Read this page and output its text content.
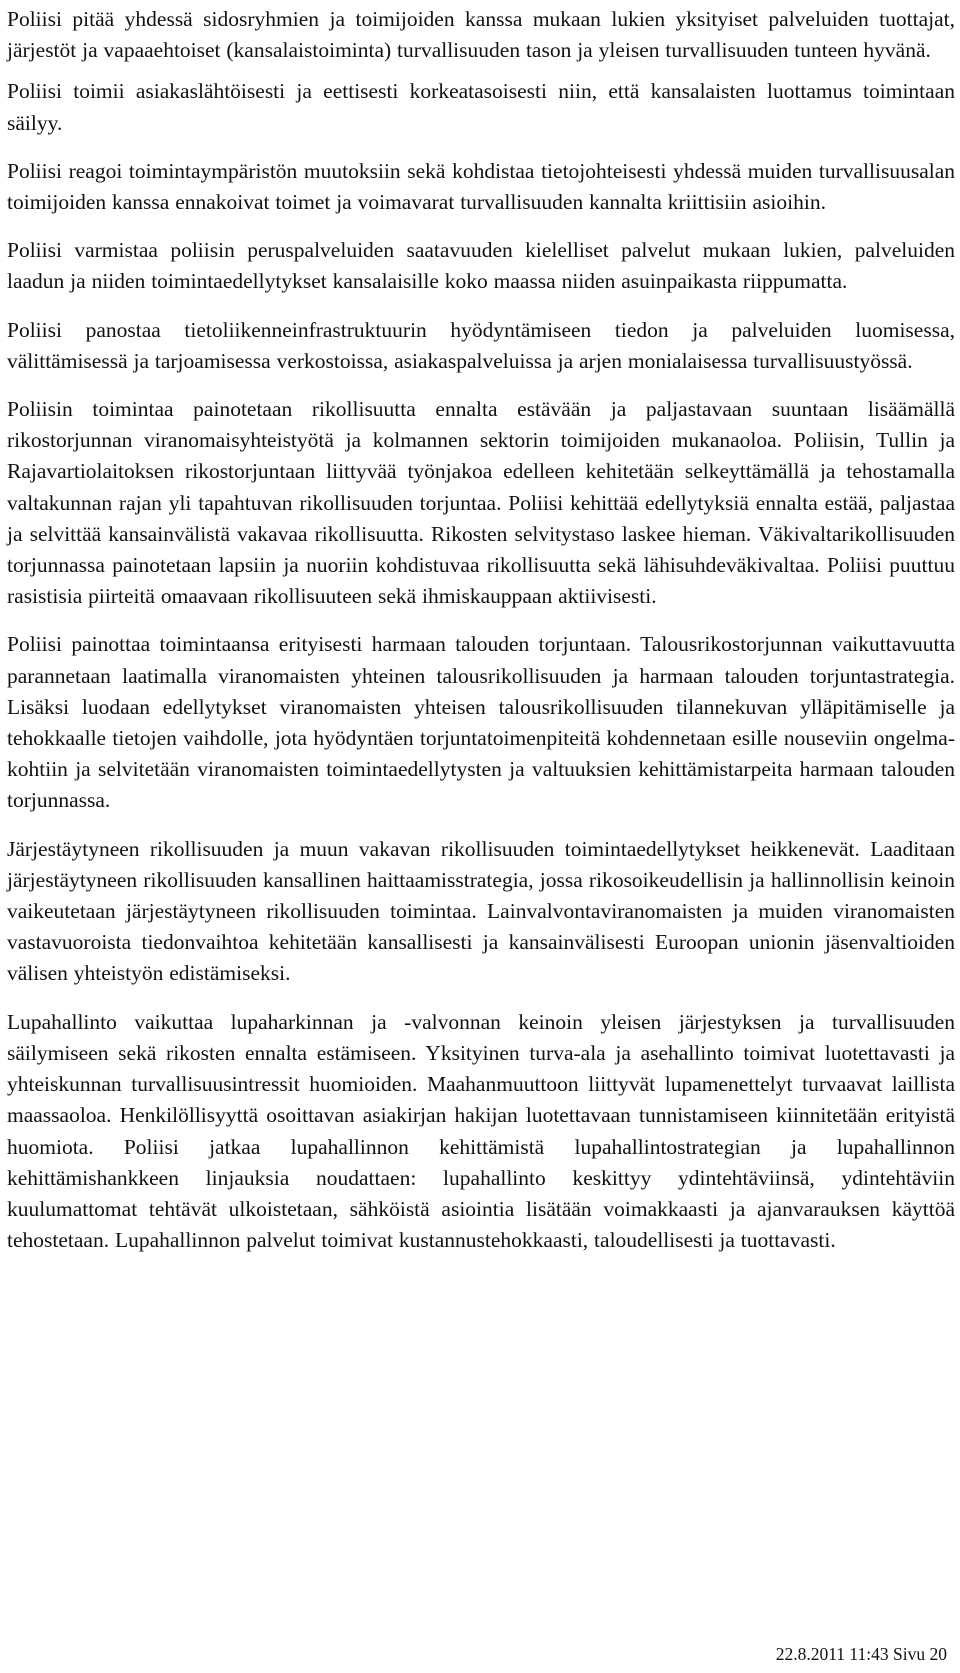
Poliisi pitää yhdessä sidosryhmien ja toimijoiden kanssa mukaan lukien yksityiset palveluiden tuottajat, järjestöt ja vapaaehtoiset (kansalaistoiminta) turvallisuuden tason ja yleisen turvallisuuden tunteen hyvänä.

Poliisi toimii asiakaslähtöisesti ja eettisesti korkeatasoisesti niin, että kansalaisten luottamus toimintaan säilyy.

Poliisi reagoi toimintaympäristön muutoksiin sekä kohdistaa tietojohteisesti yhdessä muiden turvallisuusalan toimijoiden kanssa ennakoivat toimet ja voimavarat turvallisuuden kannalta kriittisiin asioihin.

Poliisi varmistaa poliisin peruspalveluiden saatavuuden kielelliset palvelut mukaan lukien, palveluiden laadun ja niiden toimintaedellytykset kansalaisille koko maassa niiden asuinpaikasta riippumatta.

Poliisi panostaa tietoliikenneinfrastruktuurin hyödyntämiseen tiedon ja palveluiden luomisessa, välittämisessä ja tarjoamisessa verkostoissa, asiakaspalveluissa ja arjen monialaisessa turvallisuustyössä.

Poliisin toimintaa painotetaan rikollisuutta ennalta estävään ja paljastavaan suuntaan lisäämällä rikostorjunnan viranomaisyhteistyötä ja kolmannen sektorin toimijoiden mukanaoloa. Poliisin, Tullin ja Rajavartiolaitoksen rikostorjuntaan liittyvää työnjakoa edelleen kehitetään selkeyttämällä ja tehostamalla valtakunnan rajan yli tapahtuvan rikollisuuden torjuntaa. Poliisi kehittää edellytyksiä ennalta estää, paljastaa ja selvittää kansainvälistä vakavaa rikollisuutta. Rikosten selvitystaso laskee hieman. Väkivaltarikollisuuden torjunnassa painotetaan lapsiin ja nuoriin kohdistuvaa rikollisuutta sekä lähisuhdeväkivaltaa. Poliisi puuttuu rasistisia piirteitä omaavaan rikollisuuteen sekä ihmiskauppaan aktiivisesti.

Poliisi painottaa toimintaansa erityisesti harmaan talouden torjuntaan. Talousrikostorjunnan vaikuttavuutta parannetaan laatimalla viranomaisten yhteinen talousrikollisuuden ja harmaan talouden torjuntastrategia. Lisäksi luodaan edellytykset viranomaisten yhteisen talousrikollisuuden tilannekuvan ylläpitämiselle ja tehokkaalle tietojen vaihdolle, jota hyödyntäen torjuntatoimenpiteitä kohdennetaan esille nouseviin ongelmakohtiin ja selvitetään viranomaisten toimintaedellytysten ja valtuuksien kehittämistarpeita harmaan talouden torjunnassa.

Järjestäytyneen rikollisuuden ja muun vakavan rikollisuuden toimintaedellytykset heikkenevät. Laaditaan järjestäytyneen rikollisuuden kansallinen haittaamisstrategia, jossa rikosoikeudellisin ja hallinnollisin keinoin vaikeutetaan järjestäytyneen rikollisuuden toimintaa. Lainvalvontaviranomaisten ja muiden viranomaisten vastavuoroista tiedonvaihtoa kehitetään kansallisesti ja kansainvälisesti Euroopan unionin jäsenvaltioiden välisen yhteistyön edistämiseksi.

Lupahallinto vaikuttaa lupaharkinnan ja -valvonnan keinoin yleisen järjestyksen ja turvallisuuden säilymiseen sekä rikosten ennalta estämiseen. Yksityinen turva-ala ja asehallinto toimivat luotettavasti ja yhteiskunnan turvallisuusintressit huomioiden. Maahanmuuttoon liittyvät lupamenettelyt turvaavat laillista maassaoloa. Henkilöllisyyttä osoittavan asiakirjan hakijan luotettavaan tunnistamiseen kiinnitetään erityistä huomiota. Poliisi jatkaa lupahallinnon kehittämistä lupahallintostrategian ja lupahallinnon kehittämishankkeen linjauksia noudattaen: lupahallinto keskittyy ydintehtäviinsä, ydintehtäviin kuulumattomat tehtävät ulkoistetaan, sähköistä asiointia lisätään voimakkaasti ja ajanvarauksen käyttöä tehostetaan. Lupahallinnon palvelut toimivat kustannustehokkaasti, taloudellisesti ja tuottavasti.

22.8.2011 11:43 Sivu 20
